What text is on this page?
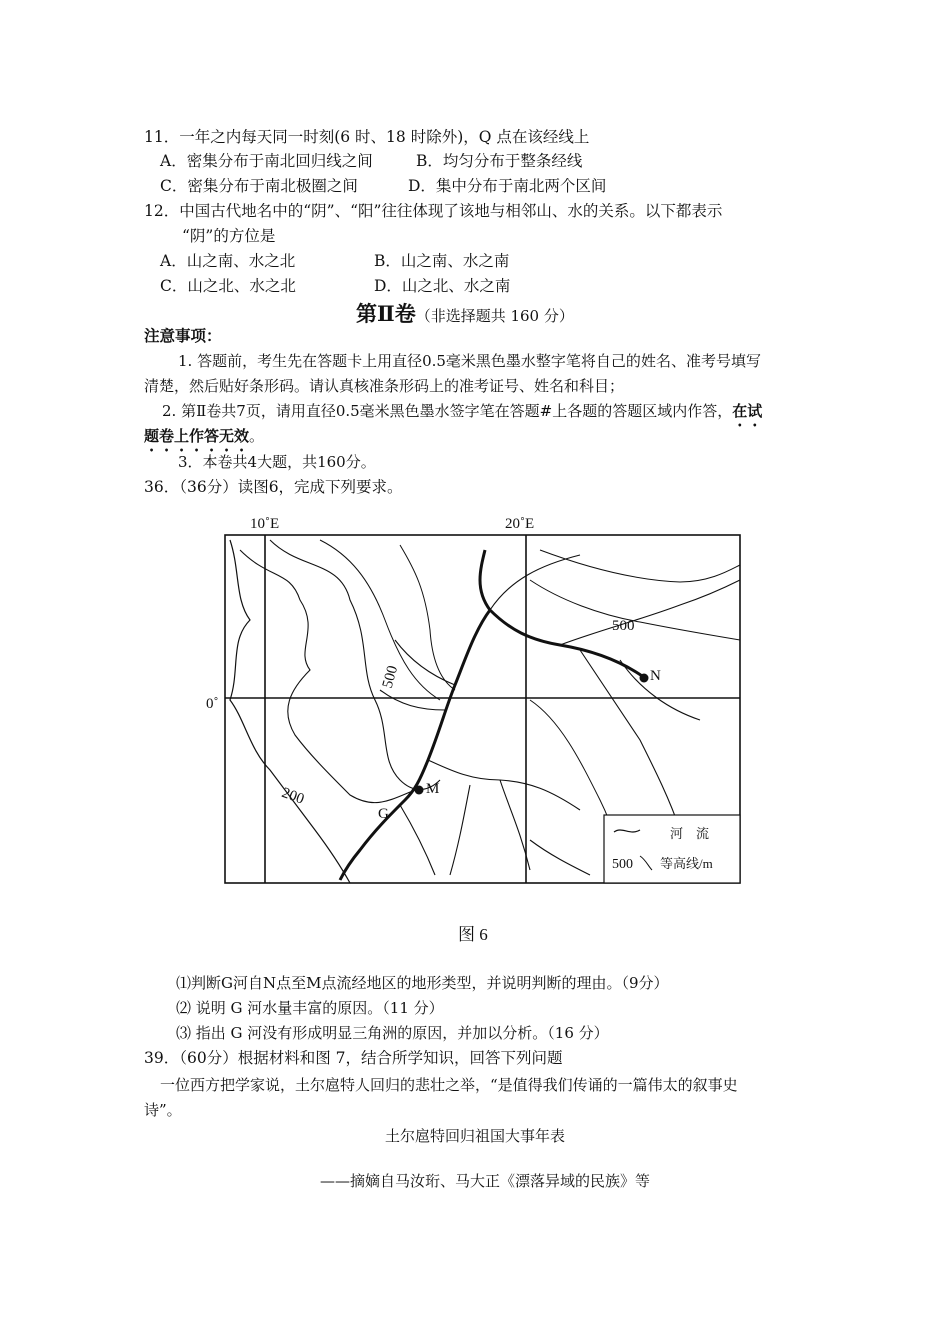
11．一年之内每天同一时刻(6 时、18 时除外)，Q 点在该经线上
A．密集分布于南北回归线之间	B．均匀分布于整条经线
C．密集分布于南北极圈之间	D．集中分布于南北两个区间
12．中国古代地名中的“阴”、“阳”往往体现了该地与相邻山、水的关系。以下都表示
“阴”的方位是
A．山之南、水之北	B．山之南、水之南
C．山之北、水之北	D．山之北、水之南
第Ⅱ卷（非选择题共 160 分）
注意事项：
1. 答题前，考生先在答题卡上用直径0.5毫米黑色墨水整字笔将自己的姓名、准考号填写
清楚，然后贴好条形码。请认真核准条形码上的准考证号、姓名和科目；
2. 第Ⅱ卷共7页，请用直径0.5毫米黑色墨水签字笔在答题#上各题的答题区域内作答，在试
题卷上作答无效。
3．本卷共4大题，共160分。
36．（36分）读图6，完成下列要求。
10˚E	20˚E
0˚
500
500
200
N
M
G
河　流
500 等高线/m
图 6
⑴判断G河自N点至M点流经地区的地形类型，并说明判断的理由。（9分）
⑵ 说明 G 河水量丰富的原因。（11 分）
⑶ 指出 G 河没有形成明显三角洲的原因，并加以分析。（16 分）
39．（60分）根据材料和图 7，结合所学知识，回答下列问题
一位西方把学家说，土尔扈特人回归的悲壮之举，“是值得我们传诵的一篇伟太的叙事史
诗”。
土尔扈特回归祖国大事年表
——摘嫡自马汝珩、马大正《漂落异域的民族》等
